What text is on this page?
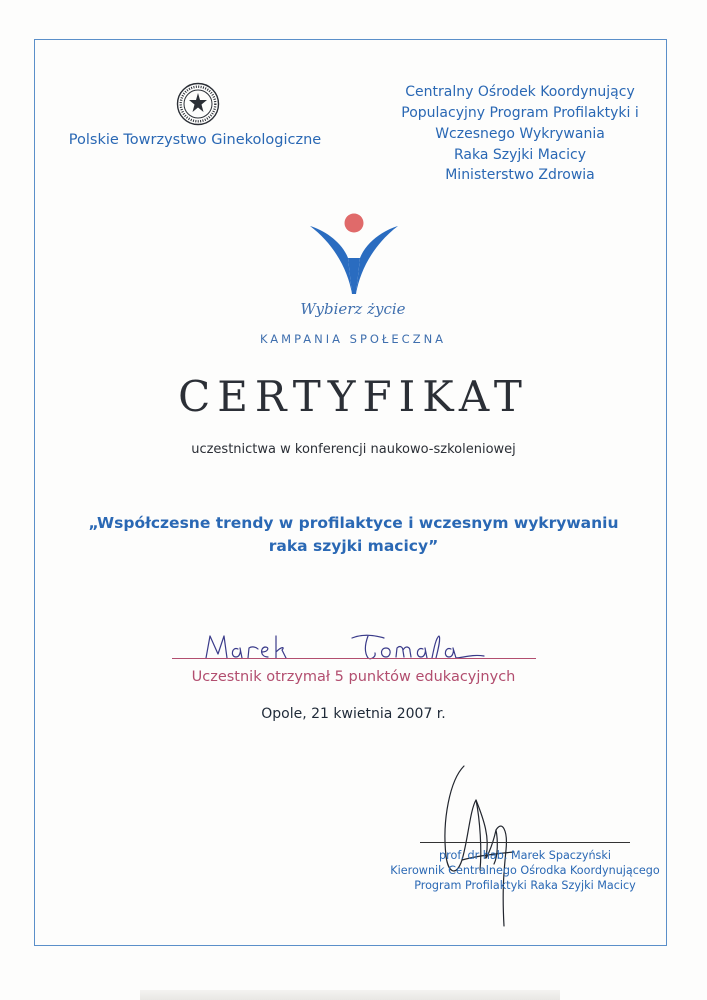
Polskie Towrzystwo Ginekologiczne
Centralny Ośrodek Koordynujący
Populacyjny Program Profilaktyki i
Wczesnego Wykrywania
Raka Szyjki Macicy
Ministerstwo Zdrowia
Wybierz życie
KAMPANIA SPOŁECZNA
CERTYFIKAT
uczestnictwa w konferencji naukowo-szkoleniowej
„Współczesne trendy w profilaktyce i wczesnym wykrywaniu
raka szyjki macicy”
Uczestnik otrzymał 5 punktów edukacyjnych
Opole, 21 kwietnia 2007 r.
prof. dr hab. Marek Spaczyński
Kierownik Centralnego Ośrodka Koordynującego
Program Profilaktyki Raka Szyjki Macicy
